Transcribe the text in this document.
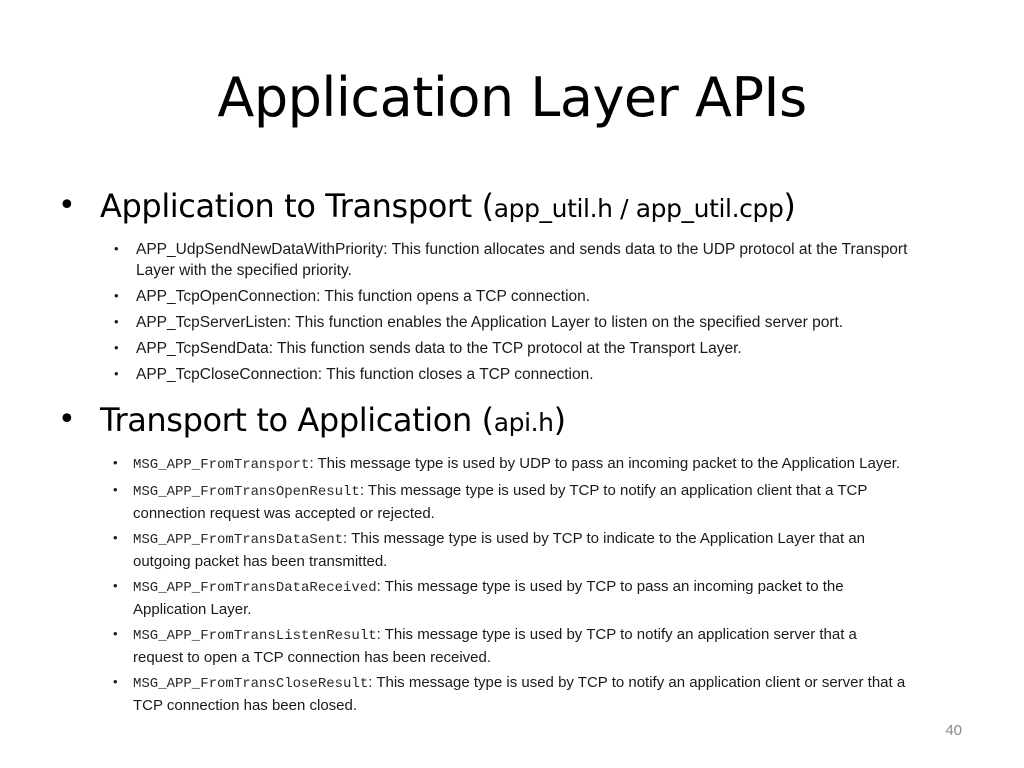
Application Layer APIs
• Application to Transport (app_util.h / app_util.cpp)
• APP_UdpSendNewDataWithPriority: This function allocates and sends data to the UDP protocol at the Transport Layer with the specified priority.
• APP_TcpOpenConnection: This function opens a TCP connection.
• APP_TcpServerListen: This function enables the Application Layer to listen on the specified server port.
• APP_TcpSendData: This function sends data to the TCP protocol at the Transport Layer.
• APP_TcpCloseConnection: This function closes a TCP connection.
• Transport to Application (api.h)
• MSG_APP_FromTransport: This message type is used by UDP to pass an incoming packet to the Application Layer.
• MSG_APP_FromTransOpenResult: This message type is used by TCP to notify an application client that a TCP connection request was accepted or rejected.
• MSG_APP_FromTransDataSent: This message type is used by TCP to indicate to the Application Layer that an outgoing packet has been transmitted.
• MSG_APP_FromTransDataReceived: This message type is used by TCP to pass an incoming packet to the Application Layer.
• MSG_APP_FromTransListenResult: This message type is used by TCP to notify an application server that a request to open a TCP connection has been received.
• MSG_APP_FromTransCloseResult: This message type is used by TCP to notify an application client or server that a TCP connection has been closed.
40
